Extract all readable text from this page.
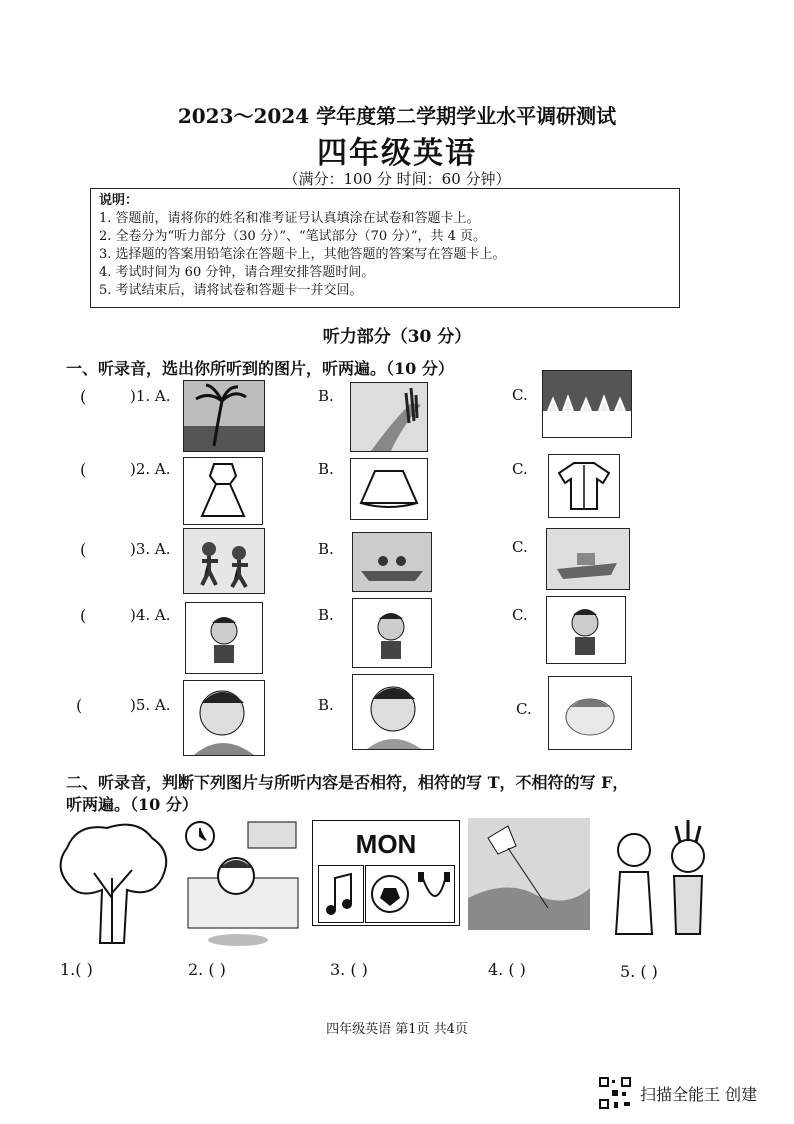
2023～2024 学年度第二学期学业水平调研测试
四年级英语
（满分：100 分 时间：60 分钟）
说明：
1. 答题前，请将你的姓名和准考证号认真填涂在试卷和答题卡上。
2. 全卷分为“听力部分（30 分）”、“笔试部分（70 分）”，共 4 页。
3. 选择题的答案用铅笔涂在答题卡上，其他答题的答案写在答题卡上。
4. 考试时间为 60 分钟，请合理安排答题时间。
5. 考试结束后，请将试卷和答题卡一并交回。
听力部分（30 分）
一、听录音，选出你所听到的图片，听两遍。（10 分）
(	)1. A.	B.	C.
(	)2. A.	B.	C.
(	)3. A.	B.	C.
(	)4. A.	B.	C.
(	)5. A.	B.	C.
二、听录音，判断下列图片与所听内容是否相符，相符的写 T，不相符的写 F，
听两遍。（10 分）
MON
1.( )	2. ( )	3. ( )	4. ( )	5. ( )
四年级英语 第1页 共4页
扫描全能王 创建
